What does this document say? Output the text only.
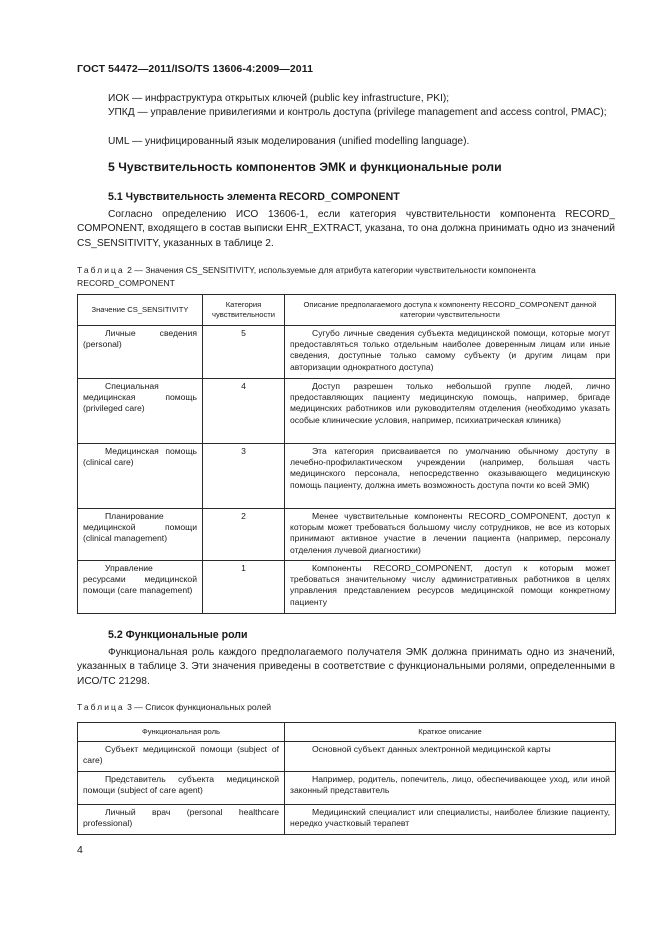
ГОСТ 54472—2011/ISO/TS 13606-4:2009—2011
ИОК — инфраструктура открытых ключей (public key infrastructure, PKI);
УПКД — управление привилегиями и контроль доступа (privilege management and access control, PMAC);
UML — унифицированный язык моделирования (unified modelling language).
5 Чувствительность компонентов ЭМК и функциональные роли
5.1 Чувствительность элемента RECORD_COMPONENT
Согласно определению ИСО 13606-1, если категория чувствительности компонента RECORD_ COMPONENT, входящего в состав выписки EHR_EXTRACT, указана, то она должна принимать одно из значений CS_SENSITIVITY, указанных в таблице 2.
Таблица 2 — Значения CS_SENSITIVITY, используемые для атрибута категории чувствительности компонента RECORD_COMPONENT
Значение CS_SENSITIVITY	Категория чувствительности	Описание предполагаемого доступа к компоненту RECORD_COMPONENT данной категории чувствительности
Личные сведения (personal)	5	Сугубо личные сведения субъекта медицинской помощи, которые могут предоставляться только отдельным наиболее доверенным лицам или иные сведения, доступные только самому субъекту (и другим лицам при авторизации однократного доступа)
Специальная медицинская помощь (privileged care)	4	Доступ разрешен только небольшой группе людей, лично предоставляющих пациенту медицинскую помощь, например, бригаде медицинских работников или руководителям отделения (необходимо указать особые клинические условия, например, психиатрическая клиника)
Медицинская помощь (clinical care)	3	Эта категория присваивается по умолчанию обычному доступу в лечебно-профилактическом учреждении (например, большая часть медицинского персонала, непосредственно оказывающего медицинскую помощь пациенту, должна иметь возможность доступа почти ко всей ЭМК)
Планирование медицинской помощи (clinical management)	2	Менее чувствительные компоненты RECORD_COMPONENT, доступ к которым может требоваться большому числу сотрудников, не все из которых принимают активное участие в лечении пациента (например, персоналу отделения лучевой диагностики)
Управление ресурсами медицинской помощи (care management)	1	Компоненты RECORD_COMPONENT, доступ к которым может требоваться значительному числу административных работников в целях управления представлением ресурсов медицинской помощи конкретному пациенту
5.2 Функциональные роли
Функциональная роль каждого предполагаемого получателя ЭМК должна принимать одно из значений, указанных в таблице 3. Эти значения приведены в соответствие с функциональными ролями, определенными в ИСО/ТС 21298.
Таблица 3 — Список функциональных ролей
Функциональная роль	Краткое описание
Субъект медицинской помощи (subject of care)	Основной субъект данных электронной медицинской карты
Представитель субъекта медицинской помощи (subject of care agent)	Например, родитель, попечитель, лицо, обеспечивающее уход, или иной законный представитель
Личный врач (personal healthcare professional)	Медицинский специалист или специалисты, наиболее близкие пациенту, нередко участковый терапевт
4
